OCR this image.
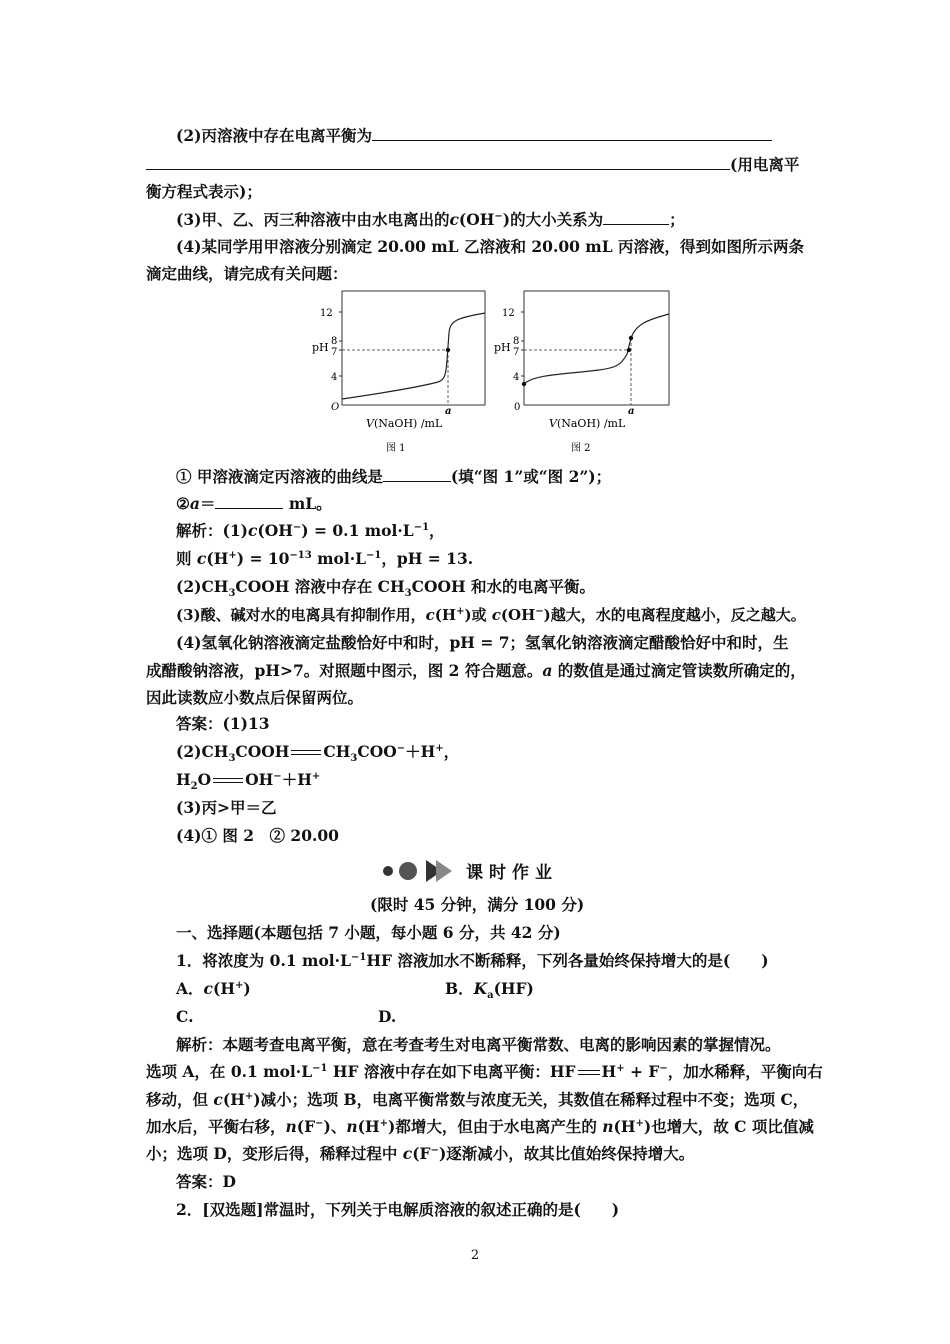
(2)丙溶液中存在电离平衡为
(用电离平
衡方程式表示)；
(3)甲、乙、丙三种溶液中由水电离出的c(OH−)的大小关系为	；
(4)某同学用甲溶液分别滴定 20.00 mL 乙溶液和 20.00 mL 丙溶液，得到如图所示两条
滴定曲线，请完成有关问题：
12
8
7
4
pH
O	a
V(NaOH) /mL
图 1
12
8
7
4
pH
0	a
V(NaOH) /mL
图 2
① 甲溶液滴定丙溶液的曲线是	(填“图 1”或“图 2”)；
②a＝	mL。
解析：(1)c(OH−) = 0.1 $mol\cdot L^{-1}$，
则 $c(H^+) = 10^{-13}$ $mol\cdot L^{-1}$，pH = 13.
$(2)CH_3COOH$ 溶液中存在 $CH_3COOH$ 和水的电离平衡。
(3)酸、碱对水的电离具有抑制作用，c(H+)或 c(OH−)越大，水的电离程度越小，反之越大。
(4)氢氧化钠溶液滴定盐酸恰好中和时，pH = 7；氢氧化钠溶液滴定醋酸恰好中和时，生
成醋酸钠溶液，pH>7。对照题中图示，图 2 符合题意。a 的数值是通过滴定管读数所确定的，
因此读数应小数点后保留两位。
答案：(1)13
$(2)CH_3COOH$ $CH_3COO^-+H^+$，
$H_2O$ OH−＋H+
(3)丙>甲＝乙
(4)① 图 2　② 20.00
课时作业
(限时 45 分钟，满分 100 分)
一、选择题(本题包括 7 小题，每小题 6 分，共 42 分)
1．将浓度为 0.1 $mol\cdot L^{-1}HF$ 溶液加水不断稀释，下列各量始终保持增大的是(　　)
A．c(H+)	B．$K_a(HF)$
C.	D.
解析：本题考查电离平衡，意在考查考生对电离平衡常数、电离的影响因素的掌握情况。
选项 A，在 0.1 $mol\cdot L^{-1}$ HF 溶液中存在如下电离平衡：HF H+ + F−，加水稀释，平衡向右
移动，但 c(H+)减小；选项 B，电离平衡常数与浓度无关，其数值在稀释过程中不变；选项 C，
加水后，平衡右移，n(F−)、n(H+)都增大，但由于水电离产生的 n(H+)也增大，故 C 项比值减
小；选项 D，变形后得，稀释过程中 c(F−)逐渐减小，故其比值始终保持增大。
答案：D
2．[双选题]常温时，下列关于电解质溶液的叙述正确的是(　　)
2
